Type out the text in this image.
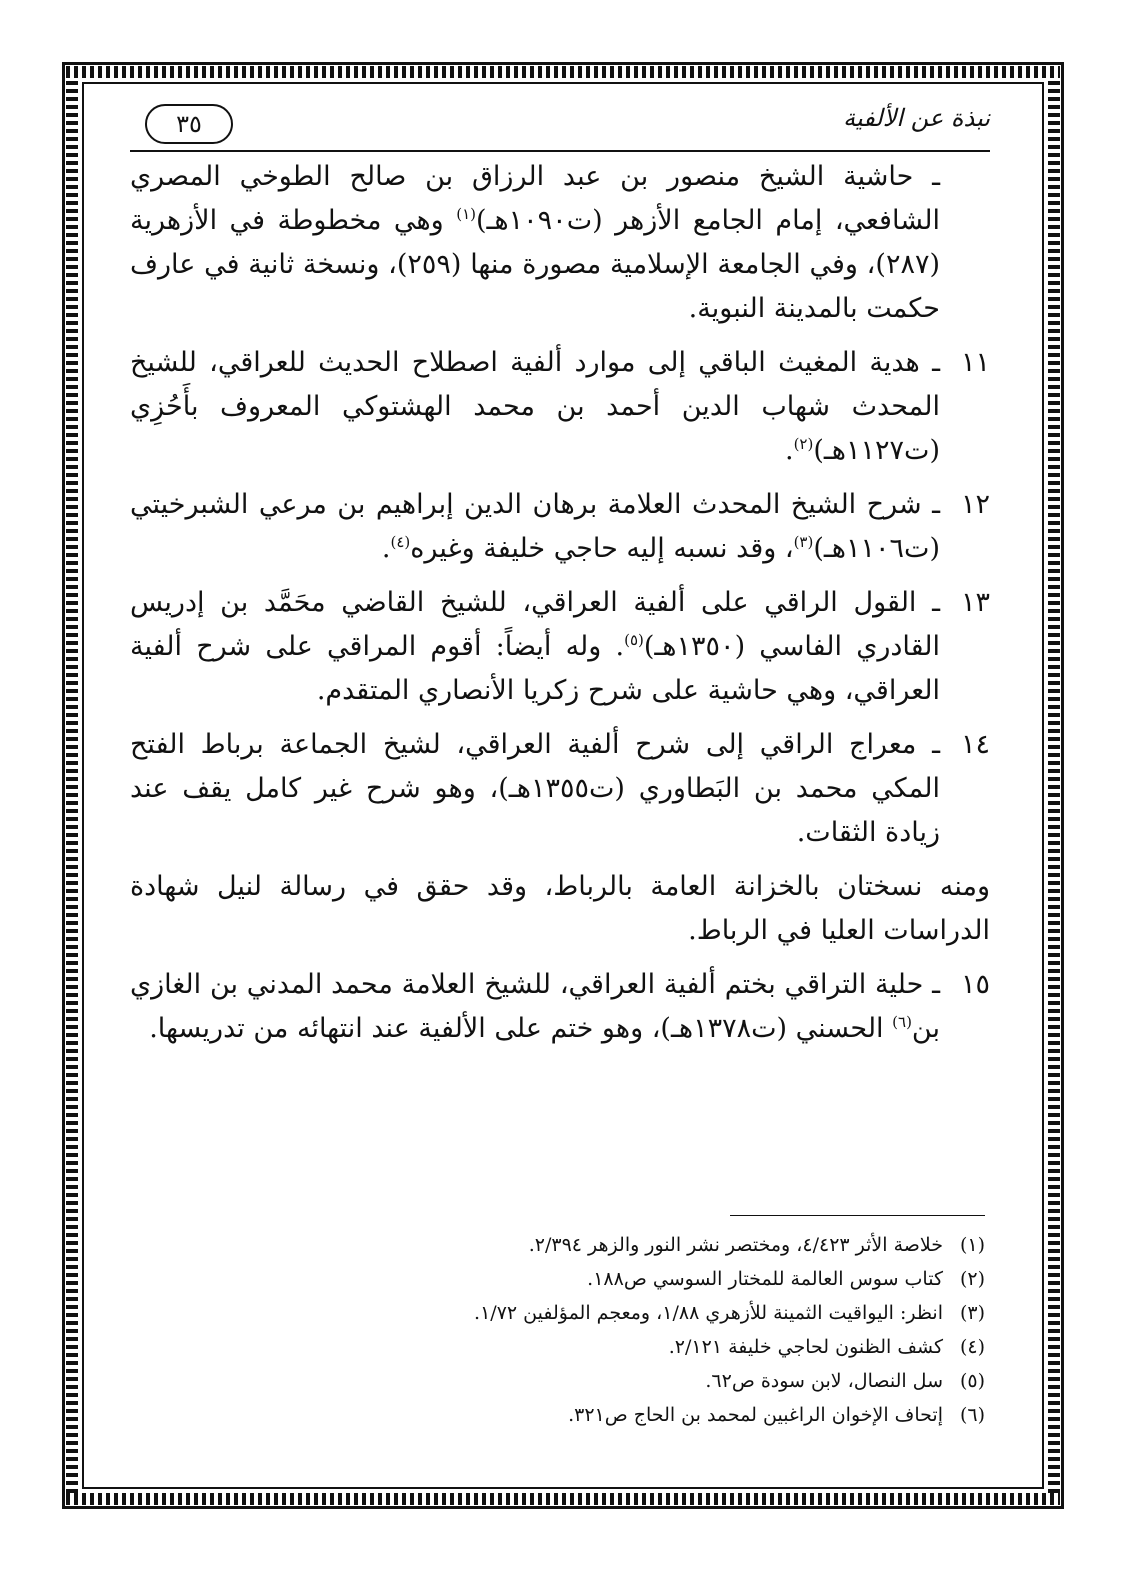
نبذة عن الألفية
٣٥
ـ حاشية الشيخ منصور بن عبد الرزاق بن صالح الطوخي المصري الشافعي، إمام الجامع الأزهر (ت١٠٩٠هـ)$^{(١)}$ وهي مخطوطة في الأزهرية (٢٨٧)، وفي الجامعة الإسلامية مصورة منها (٢٥٩)، ونسخة ثانية في عارف حكمت بالمدينة النبوية.
١١
ـ هدية المغيث الباقي إلى موارد ألفية اصطلاح الحديث للعراقي، للشيخ المحدث شهاب الدين أحمد بن محمد الهشتوكي المعروف بأَحُزِي (ت١١٢٧هـ)$^{(٢)}$.
١٢
ـ شرح الشيخ المحدث العلامة برهان الدين إبراهيم بن مرعي الشبرخيتي (ت١١٠٦هـ)$^{(٣)}$، وقد نسبه إليه حاجي خليفة وغيره$^{(٤)}$.
١٣
ـ القول الراقي على ألفية العراقي، للشيخ القاضي محَمَّد بن إدريس القادري الفاسي (١٣٥٠هـ)$^{(٥)}$. وله أيضاً: أقوم المراقي على شرح ألفية العراقي، وهي حاشية على شرح زكريا الأنصاري المتقدم.
١٤
ـ معراج الراقي إلى شرح ألفية العراقي، لشيخ الجماعة برباط الفتح المكي محمد بن البَطاوري (ت١٣٥٥هـ)، وهو شرح غير كامل يقف عند زيادة الثقات.
ومنه نسختان بالخزانة العامة بالرباط، وقد حقق في رسالة لنيل شهادة الدراسات العليا في الرباط.
١٥
ـ حلية التراقي بختم ألفية العراقي، للشيخ العلامة محمد المدني بن الغازي بن$^{(٦)}$ الحسني (ت١٣٧٨هـ)، وهو ختم على الألفية عند انتهائه من تدريسها.
(١)
خلاصة الأثر ٤/٤٢٣، ومختصر نشر النور والزهر ٢/٣٩٤.
(٢)
كتاب سوس العالمة للمختار السوسي ص١٨٨.
(٣)
انظر: اليواقيت الثمينة للأزهري ١/٨٨، ومعجم المؤلفين ١/٧٢.
(٤)
كشف الظنون لحاجي خليفة ٢/١٢١.
(٥)
سل النصال، لابن سودة ص٦٢.
(٦)
إتحاف الإخوان الراغبين لمحمد بن الحاج ص٣٢١.
